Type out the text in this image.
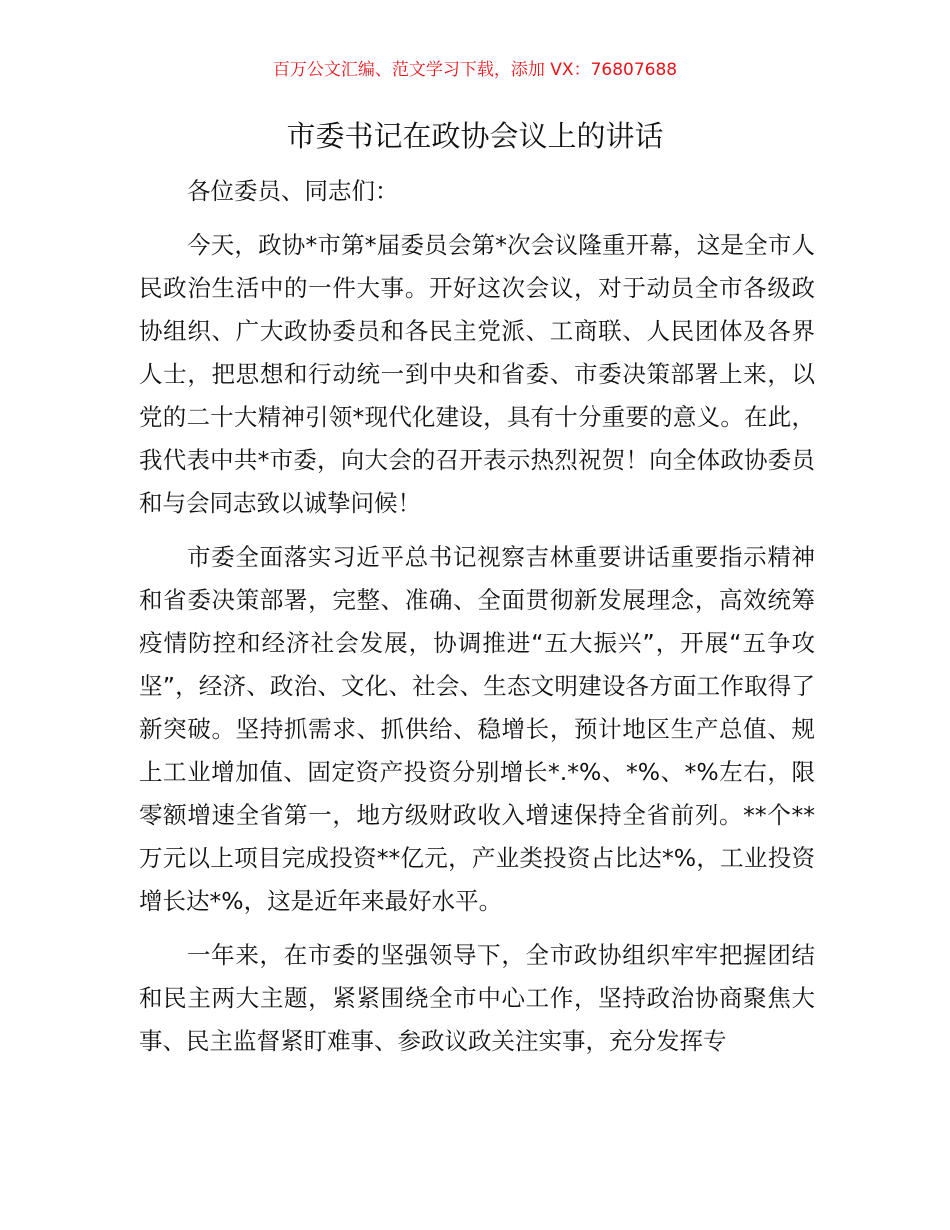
百万公文汇编、范文学习下载，添加 VX：76807688
市委书记在政协会议上的讲话

各位委员、同志们：

今天，政协*市第*届委员会第*次会议隆重开幕，这是全市人民政治生活中的一件大事。开好这次会议，对于动员全市各级政协组织、广大政协委员和各民主党派、工商联、人民团体及各界人士，把思想和行动统一到中央和省委、市委决策部署上来，以党的二十大精神引领*现代化建设，具有十分重要的意义。在此，我代表中共*市委，向大会的召开表示热烈祝贺！向全体政协委员和与会同志致以诚挚问候！

市委全面落实习近平总书记视察吉林重要讲话重要指示精神和省委决策部署，完整、准确、全面贯彻新发展理念，高效统筹疫情防控和经济社会发展，协调推进“五大振兴”，开展“五争攻坚”，经济、政治、文化、社会、生态文明建设各方面工作取得了新突破。坚持抓需求、抓供给、稳增长，预计地区生产总值、规上工业增加值、固定资产投资分别增长*.*%、*%、*%左右，限零额增速全省第一，地方级财政收入增速保持全省前列。**个**万元以上项目完成投资**亿元，产业类投资占比达*%，工业投资增长达*%，这是近年来最好水平。

一年来，在市委的坚强领导下，全市政协组织牢牢把握团结和民主两大主题，紧紧围绕全市中心工作，坚持政治协商聚焦大事、民主监督紧盯难事、参政议政关注实事，充分发挥专
